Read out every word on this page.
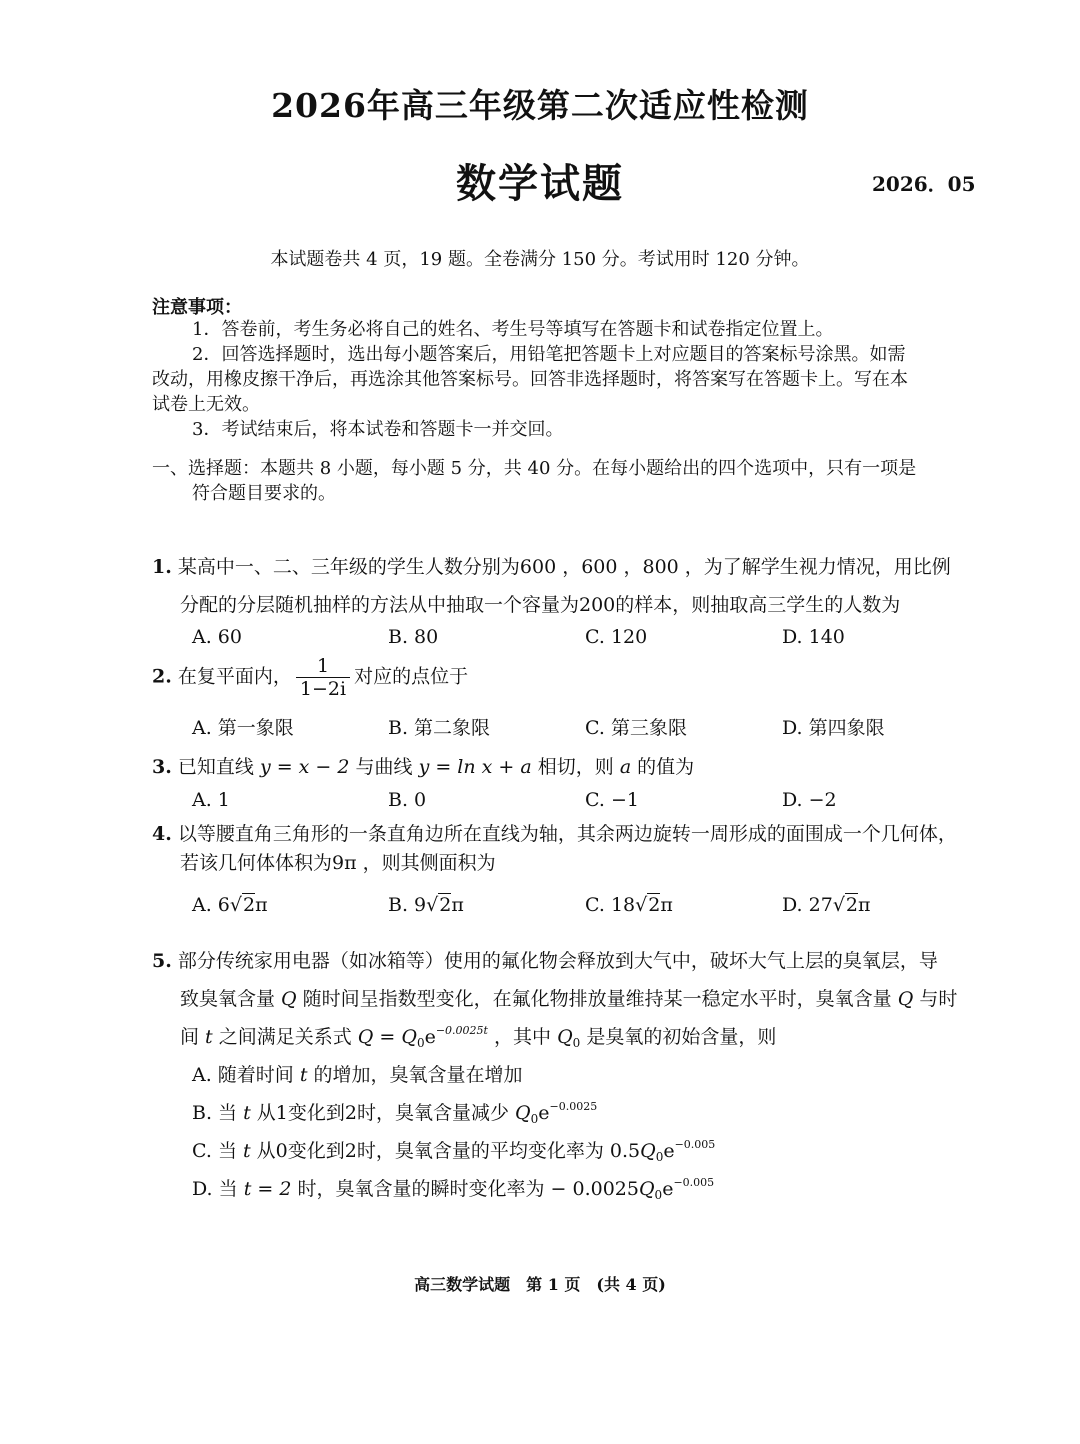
2026年高三年级第二次适应性检测
数学试题	2026．05
本试题卷共 4 页，19 题。全卷满分 150 分。考试用时 120 分钟。
注意事项：
1．答卷前，考生务必将自己的姓名、考生号等填写在答题卡和试卷指定位置上。
2．回答选择题时，选出每小题答案后，用铅笔把答题卡上对应题目的答案标号涂黑。如需
改动，用橡皮擦干净后，再选涂其他答案标号。回答非选择题时，将答案写在答题卡上。写在本
试卷上无效。
3．考试结束后，将本试卷和答题卡一并交回。
一、选择题：本题共 8 小题，每小题 5 分，共 40 分。在每小题给出的四个选项中，只有一项是
符合题目要求的。
1. 某高中一、二、三年级的学生人数分别为600 ，600 ，800 ，为了解学生视力情况，用比例
分配的分层随机抽样的方法从中抽取一个容量为200的样本，则抽取高三学生的人数为
A. 60	B. 80	C. 120	D. 140
2. 在复平面内， $\frac{1}{1-2i}$ 对应的点位于
A. 第一象限	B. 第二象限	C. 第三象限	D. 第四象限
3. 已知直线 y = x − 2 与曲线 y = ln x + a 相切，则 a 的值为
A. 1	B. 0	C. −1	D. −2
4. 以等腰直角三角形的一条直角边所在直线为轴，其余两边旋转一周形成的面围成一个几何体，
若该几何体体积为9π ，则其侧面积为
A. 6√2π	B. 9√2π	C. 18√2π	D. 27√2π
5. 部分传统家用电器（如冰箱等）使用的氟化物会释放到大气中，破坏大气上层的臭氧层，导
致臭氧含量 Q 随时间呈指数型变化，在氟化物排放量维持某一稳定水平时，臭氧含量 Q 与时
间 t 之间满足关系式 $Q = Q_0e^{-0.0025t}$ ，其中 $Q_0$ 是臭氧的初始含量，则
A. 随着时间 t 的增加，臭氧含量在增加
B. 当 t 从1变化到2时，臭氧含量减少 $Q_0e^{-0.0025}$
C. 当 t 从0变化到2时，臭氧含量的平均变化率为 $0.5Q_0e^{-0.005}$
D. 当 t = 2 时，臭氧含量的瞬时变化率为 − $0.0025Q_0e^{-0.005}$
高三数学试题　第 1 页　(共 4 页)
